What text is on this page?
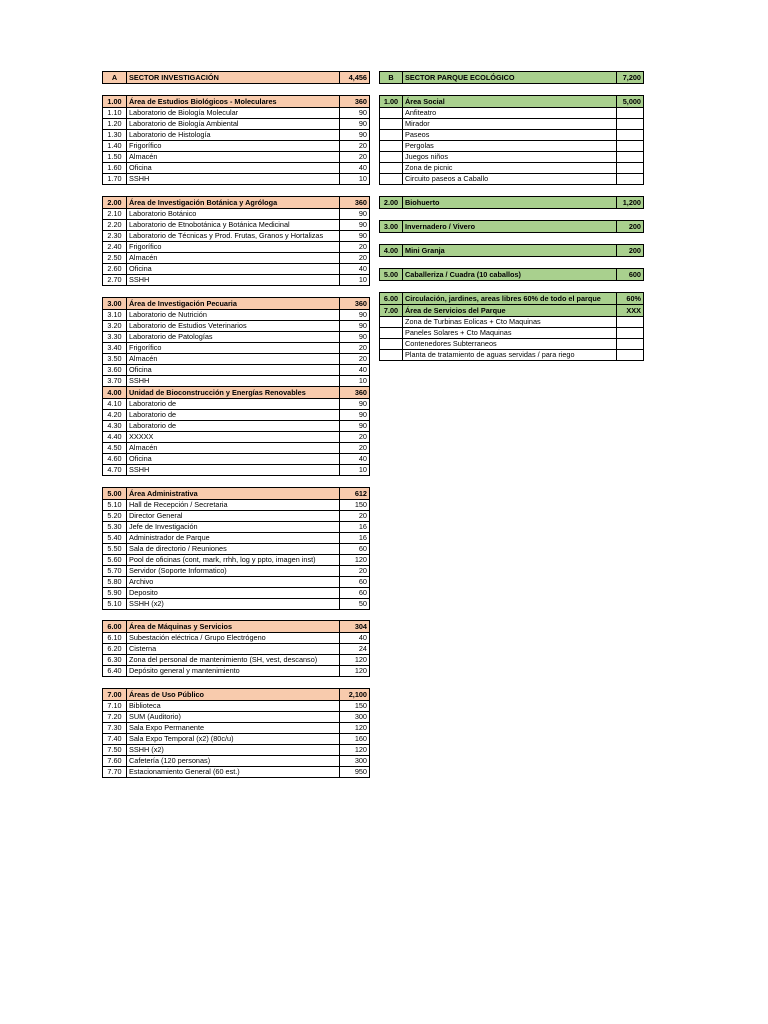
A	SECTOR INVESTIGACIÓN	4,456

1.00	Área de Estudios Biológicos - Moleculares	360
1.10	Laboratorio de Biología Molecular	90
1.20	Laboratorio de Biología Ambiental	90
1.30	Laboratorio de Histología	90
1.40	Frigorífico	20
1.50	Almacén	20
1.60	Oficina	40
1.70	SSHH	10

2.00	Área de Investigación Botánica y Agróloga	360
2.10	Laboratorio Botánico	90
2.20	Laboratorio de Etnobotánica y Botánica Medicinal	90
2.30	Laboratorio de Técnicas y Prod. Frutas, Granos y Hortalizas	90
2.40	Frigorífico	20
2.50	Almacén	20
2.60	Oficina	40
2.70	SSHH	10

3.00	Área de Investigación Pecuaria	360
3.10	Laboratorio de Nutrición	90
3.20	Laboratorio de Estudios Veterinarios	90
3.30	Laboratorio de Patologías	90
3.40	Frigorífico	20
3.50	Almacén	20
3.60	Oficina	40
3.70	SSHH	10
4.00	Unidad de Bioconstrucción y Energías Renovables	360
4.10	Laboratorio de	90
4.20	Laboratorio de	90
4.30	Laboratorio de	90
4.40	XXXXX	20
4.50	Almacén	20
4.60	Oficina	40
4.70	SSHH	10

5.00	Área Administrativa	612
5.10	Hall de Recepción / Secretaria	150
5.20	Director General	20
5.30	Jefe de Investigación	16
5.40	Administrador de Parque	16
5.50	Sala de directorio / Reuniones	60
5.60	Pool de oficinas (cont, mark, rrhh, log y ppto, imagen inst)	120
5.70	Servidor (Soporte Informatico)	20
5.80	Archivo	60
5.90	Deposito	60
5.10	SSHH (x2)	50

6.00	Área de Máquinas y Servicios	304
6.10	Subestación eléctrica / Grupo Electrógeno	40
6.20	Cisterna	24
6.30	Zona del personal de mantenimiento (SH, vest, descanso)	120
6.40	Depósito general y mantenimiento	120

7.00	Áreas de Uso Público	2,100
7.10	Biblioteca	150
7.20	SUM (Auditorio)	300
7.30	Sala Expo Permanente	120
7.40	Sala Expo Temporal (x2) (80c/u)	160
7.50	SSHH (x2)	120
7.60	Cafetería (120 personas)	300
7.70	Estacionamiento General (60 est.)	950
B	SECTOR PARQUE ECOLÓGICO	7,200

1.00	Área Social	5,000
	Anfiteatro	
	Mirador	
	Paseos	
	Pergolas	
	Juegos niños	
	Zona de picnic	
	Circuito paseos a Caballo	

2.00	Biohuerto	1,200

3.00	Invernadero / Vivero	200

4.00	Mini Granja	200

5.00	Caballeriza / Cuadra (10 caballos)	600

6.00	Circulación, jardines, areas libres 60% de todo el parque	60%
7.00	Área de Servicios del Parque	XXX
	Zona de Turbinas Eolicas + Cto Maquinas	
	Paneles Solares + Cto Maquinas	
	Contenedores Subterraneos	
	Planta de tratamiento de aguas servidas / para riego	
